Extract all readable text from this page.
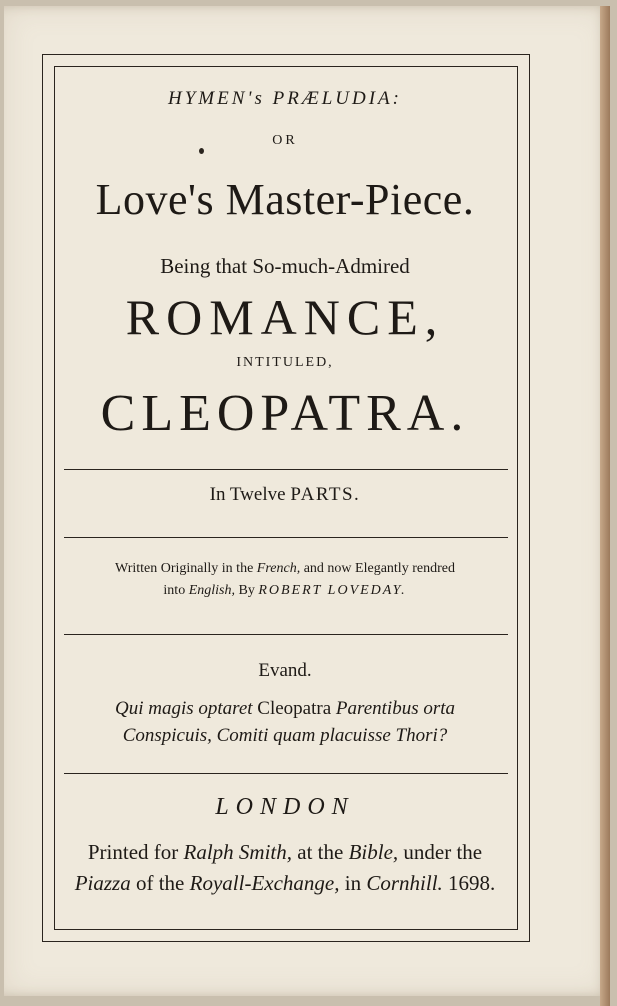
HYMEN's PRÆLUDIA:
OR
Love's Master-Piece.
Being that So-much-Admired
ROMANCE,
INTITULED,
CLEOPATRA.
In Twelve PARTS.
Written Originally in the French, and now Elegantly rendred
into English, By ROBERT LOVEDAY.
Evand.
Qui magis optaret Cleopatra Parentibus orta
Conspicuis, Comiti quam placuisse Thori?
LONDON
Printed for Ralph Smith, at the Bible, under the
Piazza of the Royall-Exchange, in Cornhill. 1698.
